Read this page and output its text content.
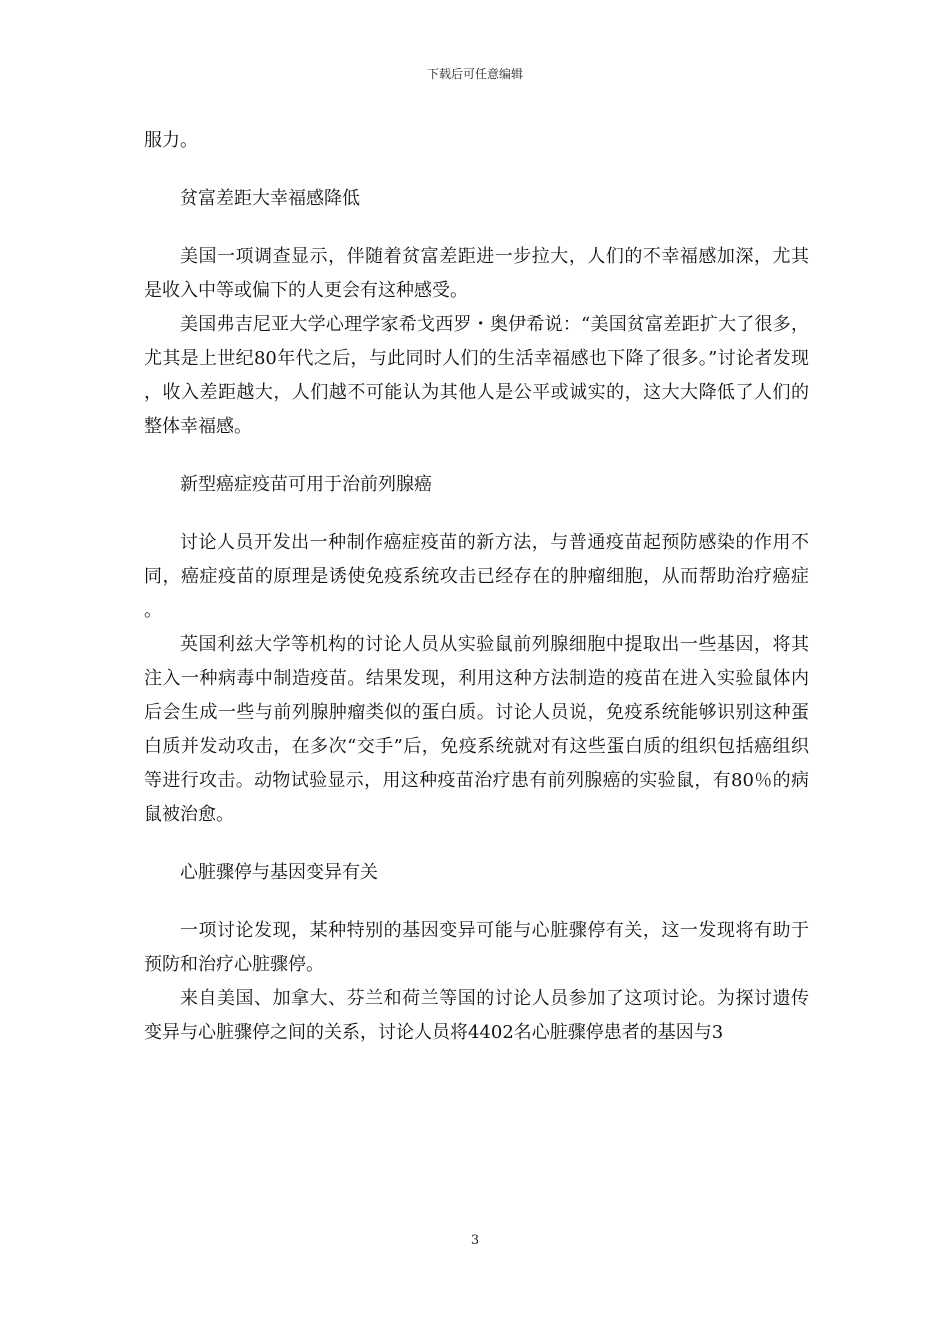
下载后可任意编辑

服力。

贫富差距大幸福感降低

美国一项调查显示，伴随着贫富差距进一步拉大，人们的不幸福感加深，尤其是收入中等或偏下的人更会有这种感受。

美国弗吉尼亚大学心理学家希戈西罗・奥伊希说：“美国贫富差距扩大了很多，尤其是上世纪80年代之后，与此同时人们的生活幸福感也下降了很多。”讨论者发现，收入差距越大，人们越不可能认为其他人是公平或诚实的，这大大降低了人们的整体幸福感。

新型癌症疫苗可用于治前列腺癌

讨论人员开发出一种制作癌症疫苗的新方法，与普通疫苗起预防感染的作用不同，癌症疫苗的原理是诱使免疫系统攻击已经存在的肿瘤细胞，从而帮助治疗癌症。

英国利兹大学等机构的讨论人员从实验鼠前列腺细胞中提取出一些基因，将其注入一种病毒中制造疫苗。结果发现，利用这种方法制造的疫苗在进入实验鼠体内后会生成一些与前列腺肿瘤类似的蛋白质。讨论人员说，免疫系统能够识别这种蛋白质并发动攻击，在多次“交手”后，免疫系统就对有这些蛋白质的组织包括癌组织等进行攻击。动物试验显示，用这种疫苗治疗患有前列腺癌的实验鼠，有80％的病鼠被治愈。

心脏骤停与基因变异有关

一项讨论发现，某种特别的基因变异可能与心脏骤停有关，这一发现将有助于预防和治疗心脏骤停。

来自美国、加拿大、芬兰和荷兰等国的讨论人员参加了这项讨论。为探讨遗传变异与心脏骤停之间的关系，讨论人员将4402名心脏骤停患者的基因与3

3
